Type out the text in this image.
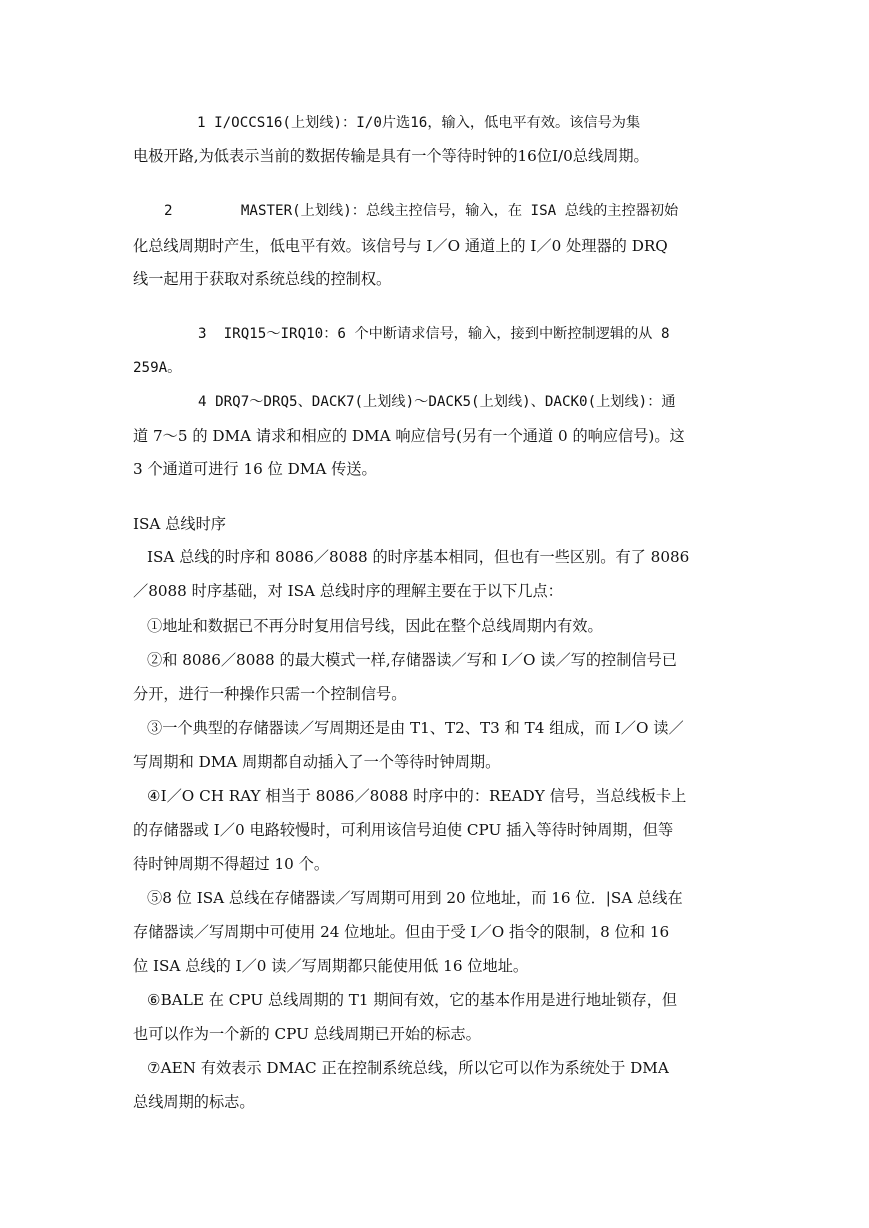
1 I/OCCS16(上划线)：I/0片选16，输入，低电平有效。该信号为集
电极开路,为低表示当前的数据传输是具有一个等待时钟的16位I/0总线周期。
2        MASTER(上划线)：总线主控信号，输入，在 ISA 总线的主控器初始
化总线周期时产生，低电平有效。该信号与 I／O 通道上的 I／0 处理器的 DRQ
线一起用于获取对系统总线的控制权。
3  IRQ15～IRQ10：6 个中断请求信号，输入，接到中断控制逻辑的从 8
259A。
4 DRQ7～DRQ5、DACK7(上划线)～DACK5(上划线)、DACK0(上划线)：通
道 7～5 的 DMA 请求和相应的 DMA 响应信号(另有一个通道 0 的响应信号)。这
3 个通道可进行 16 位 DMA 传送。
ISA 总线时序
ISA 总线的时序和 8086／8088 的时序基本相同，但也有一些区别。有了 8086
／8088 时序基础，对 ISA 总线时序的理解主要在于以下几点：
①地址和数据已不再分时复用信号线，因此在整个总线周期内有效。
②和 8086／8088 的最大模式一样,存储器读／写和 I／O 读／写的控制信号已
分开，进行一种操作只需一个控制信号。
③一个典型的存储器读／写周期还是由 T1、T2、T3 和 T4 组成，而 I／O 读／
写周期和 DMA 周期都自动插入了一个等待时钟周期。
④I／O CH RAY 相当于 8086／8088 时序中的：READY 信号，当总线板卡上
的存储器或 I／0 电路较慢时，可利用该信号迫使 CPU 插入等待时钟周期，但等
待时钟周期不得超过 10 个。
⑤8 位 ISA 总线在存储器读／写周期可用到 20 位地址，而 16 位．|SA 总线在
存储器读／写周期中可使用 24 位地址。但由于受 I／O 指令的限制，8 位和 16
位 ISA 总线的 I／0 读／写周期都只能使用低 16 位地址。
⑥BALE 在 CPU 总线周期的 T1 期间有效，它的基本作用是进行地址锁存，但
也可以作为一个新的 CPU 总线周期已开始的标志。
⑦AEN 有效表示 DMAC 正在控制系统总线，所以它可以作为系统处于 DMA
总线周期的标志。
